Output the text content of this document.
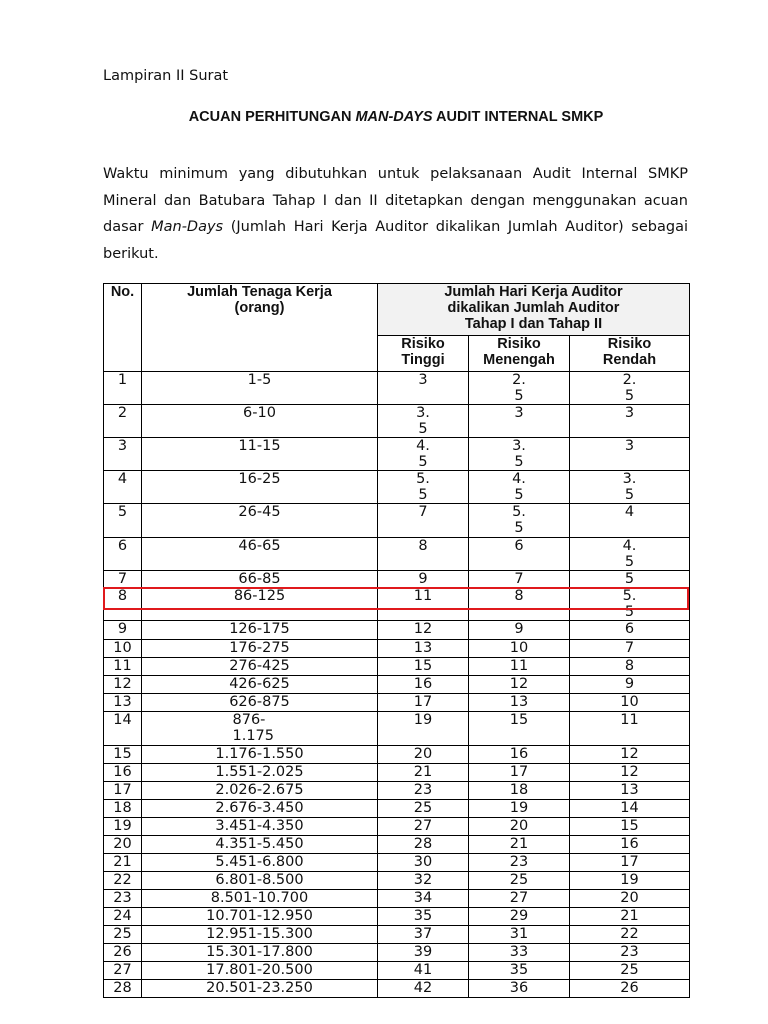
Lampiran II Surat
ACUAN PERHITUNGAN MAN-DAYS AUDIT INTERNAL SMKP
Waktu minimum yang dibutuhkan untuk pelaksanaan Audit Internal SMKP Mineral dan Batubara Tahap I dan II ditetapkan dengan menggunakan acuan dasar Man-Days (Jumlah Hari Kerja Auditor dikalikan Jumlah Auditor) sebagai berikut.
No.	Jumlah Tenaga Kerja (orang)	Jumlah Hari Kerja Auditor dikalikan Jumlah Auditor Tahap I dan Tahap II		

		Risiko Tinggi	Risiko Menengah	Risiko Rendah

1	1-5	3	2.5	2.5
2	6-10	3.5	3	3
3	11-15	4.5	3.5	3
4	16-25	5.5	4.5	3.5
5	26-45	7	5.5	4
6	46-65	8	6	4.5
7	66-85	9	7	5
8	86-125	11	8	5.5
9	126-175	12	9	6
10	176-275	13	10	7
11	276-425	15	11	8
12	426-625	16	12	9
13	626-875	17	13	10
14	876-1.175	19	15	11
15	1.176-1.550	20	16	12
16	1.551-2.025	21	17	12
17	2.026-2.675	23	18	13
18	2.676-3.450	25	19	14
19	3.451-4.350	27	20	15
20	4.351-5.450	28	21	16
21	5.451-6.800	30	23	17
22	6.801-8.500	32	25	19
23	8.501-10.700	34	27	20
24	10.701-12.950	35	29	21
25	12.951-15.300	37	31	22
26	15.301-17.800	39	33	23
27	17.801-20.500	41	35	25
28	20.501-23.250	42	36	26
